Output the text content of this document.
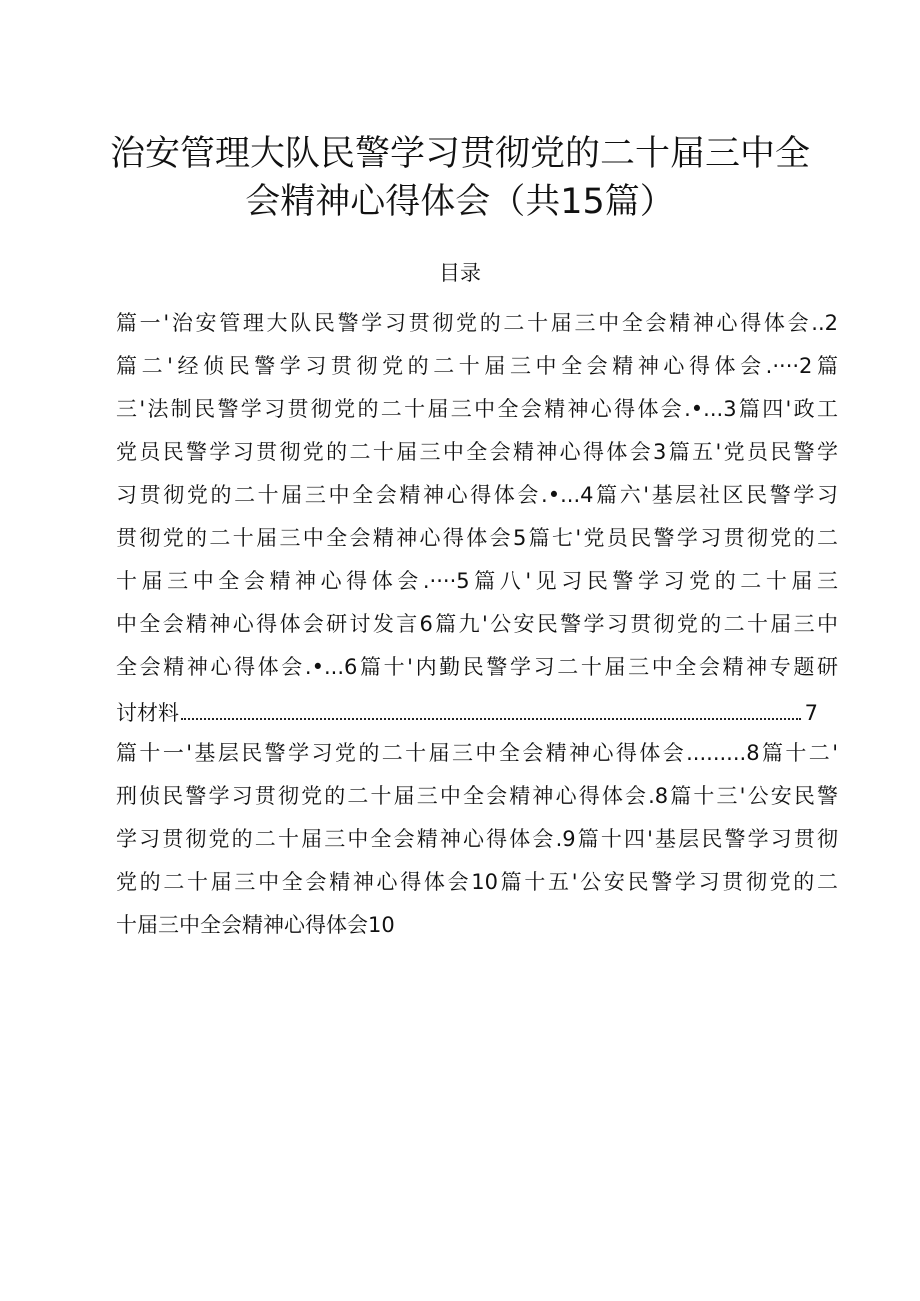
治安管理大队民警学习贯彻党的二十届三中全
会精神心得体会（共15篇）
目录
篇一'治安管理大队民警学习贯彻党的二十届三中全会精神心得体会..2
篇二'经侦民警学习贯彻党的二十届三中全会精神心得体会.····2篇
三'法制民警学习贯彻党的二十届三中全会精神心得体会.•...3篇四'政工
党员民警学习贯彻党的二十届三中全会精神心得体会3篇五'党员民警学
习贯彻党的二十届三中全会精神心得体会.•...4篇六'基层社区民警学习
贯彻党的二十届三中全会精神心得体会5篇七'党员民警学习贯彻党的二
十届三中全会精神心得体会.····5篇八'见习民警学习党的二十届三
中全会精神心得体会研讨发言6篇九'公安民警学习贯彻党的二十届三中
全会精神心得体会.•...6篇十'内勤民警学习二十届三中全会精神专题研
讨材料	7
篇十一'基层民警学习党的二十届三中全会精神心得体会.........8篇十二'
刑侦民警学习贯彻党的二十届三中全会精神心得体会.8篇十三'公安民警
学习贯彻党的二十届三中全会精神心得体会.9篇十四'基层民警学习贯彻
党的二十届三中全会精神心得体会10篇十五'公安民警学习贯彻党的二
十届三中全会精神心得体会10
